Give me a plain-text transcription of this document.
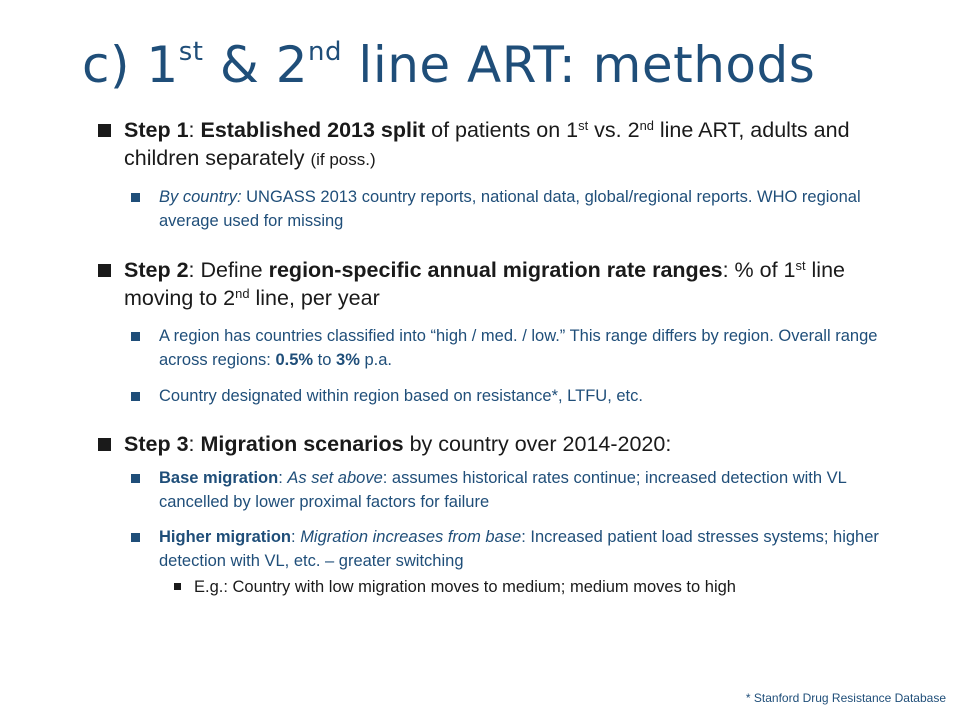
c) 1st & 2nd line ART: methods
Step 1: Established 2013 split of patients on 1st vs. 2nd line ART, adults and children separately (if poss.)
By country: UNGASS 2013 country reports, national data, global/regional reports. WHO regional average used for missing
Step 2: Define region-specific annual migration rate ranges: % of 1st line moving to 2nd line, per year
A region has countries classified into “high / med. / low.” This range differs by region. Overall range across regions: 0.5% to 3% p.a.
Country designated within region based on resistance*, LTFU, etc.
Step 3: Migration scenarios by country over 2014-2020:
Base migration: As set above: assumes historical rates continue; increased detection with VL cancelled by lower proximal factors for failure
Higher migration: Migration increases from base: Increased patient load stresses systems; higher detection with VL, etc. – greater switching
E.g.: Country with low migration moves to medium; medium moves to high
* Stanford Drug Resistance Database
